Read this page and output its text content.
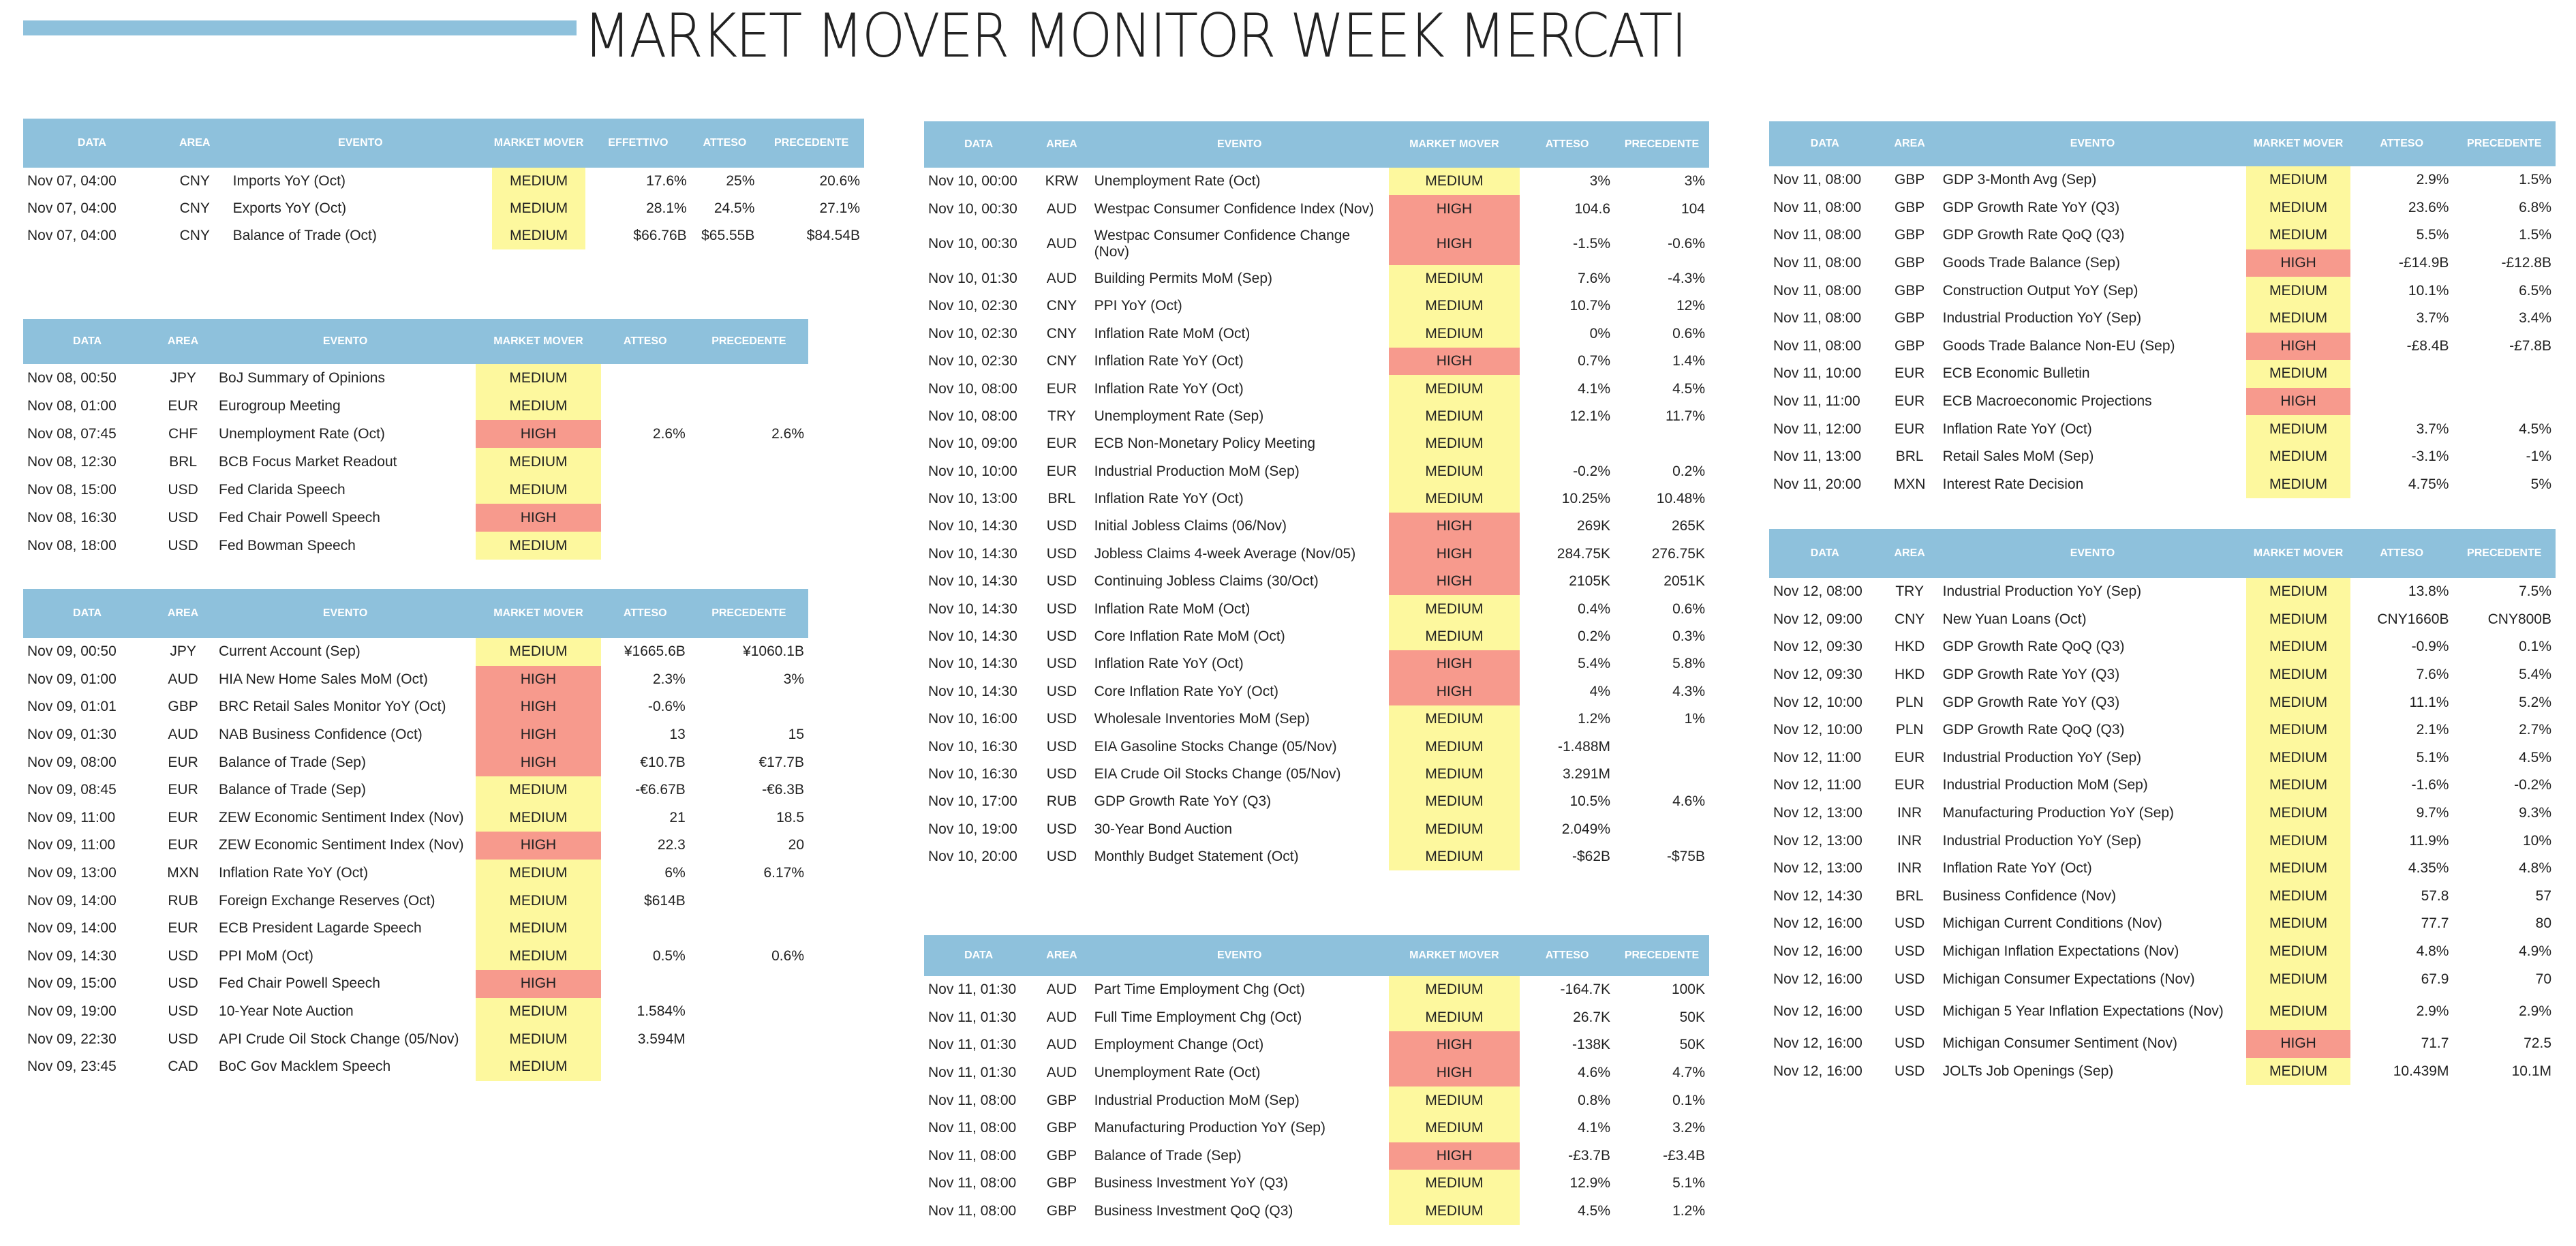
MARKET MOVER MONITOR WEEK MERCATI
DATA	AREA	EVENTO	MARKET MOVER	EFFETTIVO	ATTESO	PRECEDENTE
Nov 07, 04:00	CNY	Imports YoY (Oct)	MEDIUM	17.6%	25%	20.6%
Nov 07, 04:00	CNY	Exports YoY (Oct)	MEDIUM	28.1%	24.5%	27.1%
Nov 07, 04:00	CNY	Balance of Trade (Oct)	MEDIUM	$66.76B	$65.55B	$84.54B
DATA	AREA	EVENTO	MARKET MOVER	ATTESO	PRECEDENTE
Nov 08, 00:50	JPY	BoJ Summary of Opinions	MEDIUM		
Nov 08, 01:00	EUR	Eurogroup Meeting	MEDIUM		
Nov 08, 07:45	CHF	Unemployment Rate (Oct)	HIGH	2.6%	2.6%
Nov 08, 12:30	BRL	BCB Focus Market Readout	MEDIUM		
Nov 08, 15:00	USD	Fed Clarida Speech	MEDIUM		
Nov 08, 16:30	USD	Fed Chair Powell Speech	HIGH		
Nov 08, 18:00	USD	Fed Bowman Speech	MEDIUM		
DATA	AREA	EVENTO	MARKET MOVER	ATTESO	PRECEDENTE
Nov 09, 00:50	JPY	Current Account (Sep)	MEDIUM	¥1665.6B	¥1060.1B
Nov 09, 01:00	AUD	HIA New Home Sales MoM (Oct)	HIGH	2.3%	3%
Nov 09, 01:01	GBP	BRC Retail Sales Monitor YoY (Oct)	HIGH	-0.6%	
Nov 09, 01:30	AUD	NAB Business Confidence (Oct)	HIGH	13	15
Nov 09, 08:00	EUR	Balance of Trade (Sep)	HIGH	€10.7B	€17.7B
Nov 09, 08:45	EUR	Balance of Trade (Sep)	MEDIUM	-€6.67B	-€6.3B
Nov 09, 11:00	EUR	ZEW Economic Sentiment Index (Nov)	MEDIUM	21	18.5
Nov 09, 11:00	EUR	ZEW Economic Sentiment Index (Nov)	HIGH	22.3	20
Nov 09, 13:00	MXN	Inflation Rate YoY (Oct)	MEDIUM	6%	6.17%
Nov 09, 14:00	RUB	Foreign Exchange Reserves (Oct)	MEDIUM	$614B	
Nov 09, 14:00	EUR	ECB President Lagarde Speech	MEDIUM		
Nov 09, 14:30	USD	PPI MoM (Oct)	MEDIUM	0.5%	0.6%
Nov 09, 15:00	USD	Fed Chair Powell Speech	HIGH		
Nov 09, 19:00	USD	10-Year Note Auction	MEDIUM	1.584%	
Nov 09, 22:30	USD	API Crude Oil Stock Change (05/Nov)	MEDIUM	3.594M	
Nov 09, 23:45	CAD	BoC Gov Macklem Speech	MEDIUM		
DATA	AREA	EVENTO	MARKET MOVER	ATTESO	PRECEDENTE
Nov 10, 00:00	KRW	Unemployment Rate (Oct)	MEDIUM	3%	3%
Nov 10, 00:30	AUD	Westpac Consumer Confidence Index (Nov)	HIGH	104.6	104
Nov 10, 00:30	AUD	Westpac Consumer Confidence Change (Nov)	HIGH	-1.5%	-0.6%
Nov 10, 01:30	AUD	Building Permits MoM (Sep)	MEDIUM	7.6%	-4.3%
Nov 10, 02:30	CNY	PPI YoY (Oct)	MEDIUM	10.7%	12%
Nov 10, 02:30	CNY	Inflation Rate MoM (Oct)	MEDIUM	0%	0.6%
Nov 10, 02:30	CNY	Inflation Rate YoY (Oct)	HIGH	0.7%	1.4%
Nov 10, 08:00	EUR	Inflation Rate YoY (Oct)	MEDIUM	4.1%	4.5%
Nov 10, 08:00	TRY	Unemployment Rate (Sep)	MEDIUM	12.1%	11.7%
Nov 10, 09:00	EUR	ECB Non-Monetary Policy Meeting	MEDIUM		
Nov 10, 10:00	EUR	Industrial Production MoM (Sep)	MEDIUM	-0.2%	0.2%
Nov 10, 13:00	BRL	Inflation Rate YoY (Oct)	MEDIUM	10.25%	10.48%
Nov 10, 14:30	USD	Initial Jobless Claims (06/Nov)	HIGH	269K	265K
Nov 10, 14:30	USD	Jobless Claims 4-week Average (Nov/05)	HIGH	284.75K	276.75K
Nov 10, 14:30	USD	Continuing Jobless Claims (30/Oct)	HIGH	2105K	2051K
Nov 10, 14:30	USD	Inflation Rate MoM (Oct)	MEDIUM	0.4%	0.6%
Nov 10, 14:30	USD	Core Inflation Rate MoM (Oct)	MEDIUM	0.2%	0.3%
Nov 10, 14:30	USD	Inflation Rate YoY (Oct)	HIGH	5.4%	5.8%
Nov 10, 14:30	USD	Core Inflation Rate YoY (Oct)	HIGH	4%	4.3%
Nov 10, 16:00	USD	Wholesale Inventories MoM (Sep)	MEDIUM	1.2%	1%
Nov 10, 16:30	USD	EIA Gasoline Stocks Change (05/Nov)	MEDIUM	-1.488M	
Nov 10, 16:30	USD	EIA Crude Oil Stocks Change (05/Nov)	MEDIUM	3.291M	
Nov 10, 17:00	RUB	GDP Growth Rate YoY (Q3)	MEDIUM	10.5%	4.6%
Nov 10, 19:00	USD	30-Year Bond Auction	MEDIUM	2.049%	
Nov 10, 20:00	USD	Monthly Budget Statement (Oct)	MEDIUM	-$62B	-$75B
DATA	AREA	EVENTO	MARKET MOVER	ATTESO	PRECEDENTE
Nov 11, 01:30	AUD	Part Time Employment Chg (Oct)	MEDIUM	-164.7K	100K
Nov 11, 01:30	AUD	Full Time Employment Chg (Oct)	MEDIUM	26.7K	50K
Nov 11, 01:30	AUD	Employment Change (Oct)	HIGH	-138K	50K
Nov 11, 01:30	AUD	Unemployment Rate (Oct)	HIGH	4.6%	4.7%
Nov 11, 08:00	GBP	Industrial Production MoM (Sep)	MEDIUM	0.8%	0.1%
Nov 11, 08:00	GBP	Manufacturing Production YoY (Sep)	MEDIUM	4.1%	3.2%
Nov 11, 08:00	GBP	Balance of Trade (Sep)	HIGH	-£3.7B	-£3.4B
Nov 11, 08:00	GBP	Business Investment YoY (Q3)	MEDIUM	12.9%	5.1%
Nov 11, 08:00	GBP	Business Investment QoQ (Q3)	MEDIUM	4.5%	1.2%
DATA	AREA	EVENTO	MARKET MOVER	ATTESO	PRECEDENTE
Nov 11, 08:00	GBP	GDP 3-Month Avg (Sep)	MEDIUM	2.9%	1.5%
Nov 11, 08:00	GBP	GDP Growth Rate YoY (Q3)	MEDIUM	23.6%	6.8%
Nov 11, 08:00	GBP	GDP Growth Rate QoQ (Q3)	MEDIUM	5.5%	1.5%
Nov 11, 08:00	GBP	Goods Trade Balance (Sep)	HIGH	-£14.9B	-£12.8B
Nov 11, 08:00	GBP	Construction Output YoY (Sep)	MEDIUM	10.1%	6.5%
Nov 11, 08:00	GBP	Industrial Production YoY (Sep)	MEDIUM	3.7%	3.4%
Nov 11, 08:00	GBP	Goods Trade Balance Non-EU (Sep)	HIGH	-£8.4B	-£7.8B
Nov 11, 10:00	EUR	ECB Economic Bulletin	MEDIUM		
Nov 11, 11:00	EUR	ECB Macroeconomic Projections	HIGH		
Nov 11, 12:00	EUR	Inflation Rate YoY (Oct)	MEDIUM	3.7%	4.5%
Nov 11, 13:00	BRL	Retail Sales MoM (Sep)	MEDIUM	-3.1%	-1%
Nov 11, 20:00	MXN	Interest Rate Decision	MEDIUM	4.75%	5%
DATA	AREA	EVENTO	MARKET MOVER	ATTESO	PRECEDENTE
Nov 12, 08:00	TRY	Industrial Production YoY (Sep)	MEDIUM	13.8%	7.5%
Nov 12, 09:00	CNY	New Yuan Loans (Oct)	MEDIUM	CNY1660B	CNY800B
Nov 12, 09:30	HKD	GDP Growth Rate QoQ (Q3)	MEDIUM	-0.9%	0.1%
Nov 12, 09:30	HKD	GDP Growth Rate YoY (Q3)	MEDIUM	7.6%	5.4%
Nov 12, 10:00	PLN	GDP Growth Rate YoY (Q3)	MEDIUM	11.1%	5.2%
Nov 12, 10:00	PLN	GDP Growth Rate QoQ (Q3)	MEDIUM	2.1%	2.7%
Nov 12, 11:00	EUR	Industrial Production YoY (Sep)	MEDIUM	5.1%	4.5%
Nov 12, 11:00	EUR	Industrial Production MoM (Sep)	MEDIUM	-1.6%	-0.2%
Nov 12, 13:00	INR	Manufacturing Production YoY (Sep)	MEDIUM	9.7%	9.3%
Nov 12, 13:00	INR	Industrial Production YoY (Sep)	MEDIUM	11.9%	10%
Nov 12, 13:00	INR	Inflation Rate YoY (Oct)	MEDIUM	4.35%	4.8%
Nov 12, 14:30	BRL	Business Confidence (Nov)	MEDIUM	57.8	57
Nov 12, 16:00	USD	Michigan Current Conditions (Nov)	MEDIUM	77.7	80
Nov 12, 16:00	USD	Michigan Inflation Expectations (Nov)	MEDIUM	4.8%	4.9%
Nov 12, 16:00	USD	Michigan Consumer Expectations (Nov)	MEDIUM	67.9	70
Nov 12, 16:00	USD	Michigan 5 Year Inflation Expectations (Nov)	MEDIUM	2.9%	2.9%
Nov 12, 16:00	USD	Michigan Consumer Sentiment (Nov)	HIGH	71.7	72.5
Nov 12, 16:00	USD	JOLTs Job Openings (Sep)	MEDIUM	10.439M	10.1M
